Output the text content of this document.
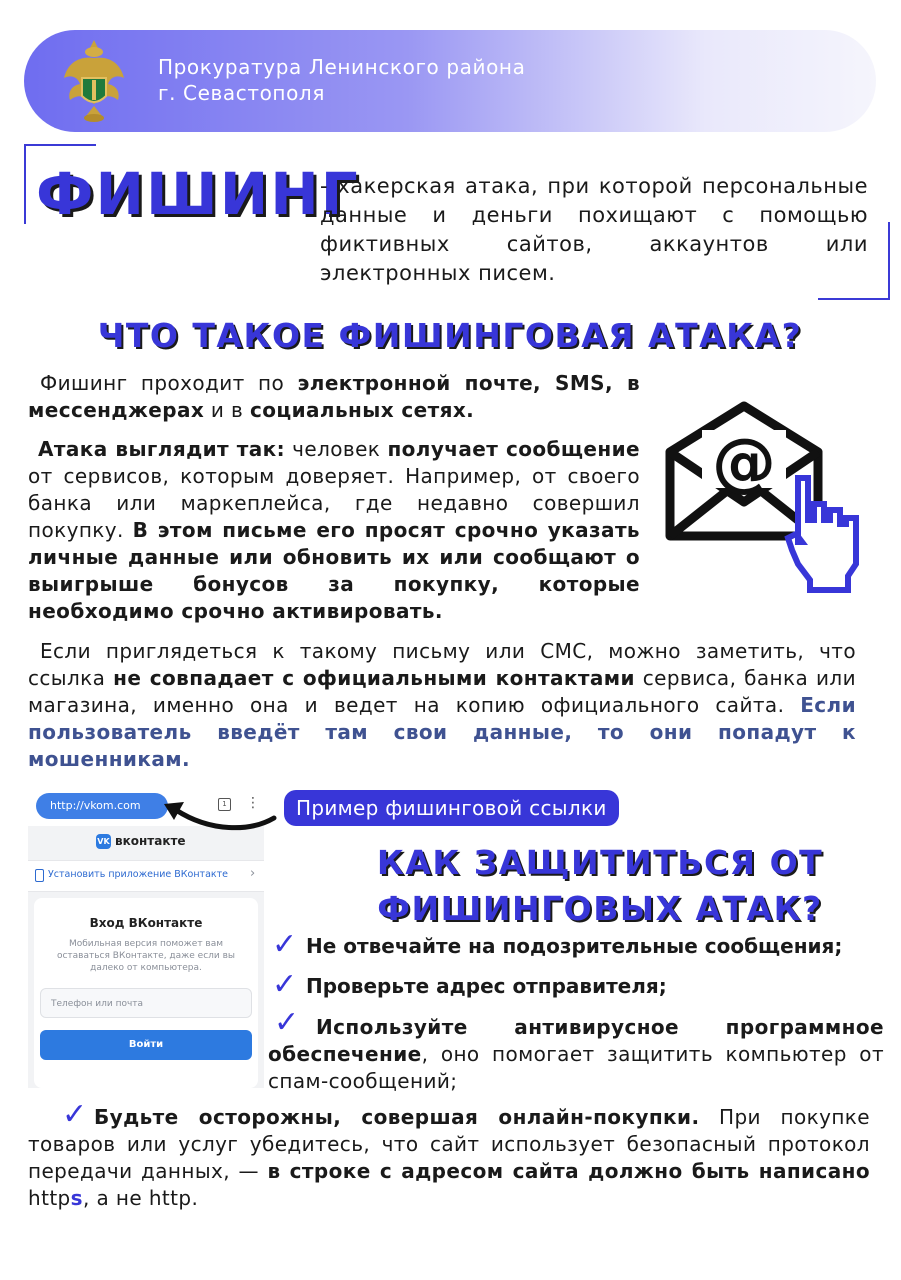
Прокуратура Ленинского района
г. Севастополя
ФИШИНГ
- хакерская атака, при которой персональные данные и деньги похищают с помощью фиктивных сайтов, аккаунтов или электронных писем.
ЧТО ТАКОЕ ФИШИНГОВАЯ АТАКА?
Фишинг проходит по электронной почте, SMS, в мессенджерах и в социальных сетях.
Атака выглядит так: человек получает сообщение от сервисов, которым доверяет. Например, от своего банка или маркеплейса, где недавно совершил покупку. В этом письме его просят срочно указать личные данные или обновить их или сообщают о выигрыше бонусов за покупку, которые необходимо срочно активировать.
@
Если приглядеться к такому письму или СМС, можно заметить, что ссылка не совпадает с официальными контактами сервиса, банка или магазина, именно она и ведет на копию официального сайта. Если пользователь введёт там свои данные, то они попадут к мошенникам.
http://vkom.com	1	⋮
VK вконтакте
Установить приложение ВКонтакте ›
Вход ВКонтакте
Мобильная версия поможет вам оставаться ВКонтакте, даже если вы далеко от компьютера.
Телефон или почта
Войти
Пример фишинговой ссылки
КАК ЗАЩИТИТЬСЯ ОТ ФИШИНГОВЫХ АТАК?
✓ Не отвечайте на подозрительные сообщения;
✓ Проверьте адрес отправителя;
✓ Используйте антивирусное программное обеспечение, оно помогает защитить компьютер от спам-сообщений;
✓ Будьте осторожны, совершая онлайн-покупки. При покупке товаров или услуг убедитесь, что сайт использует безопасный протокол передачи данных, — в строке с адресом сайта должно быть написано https, а не http.
